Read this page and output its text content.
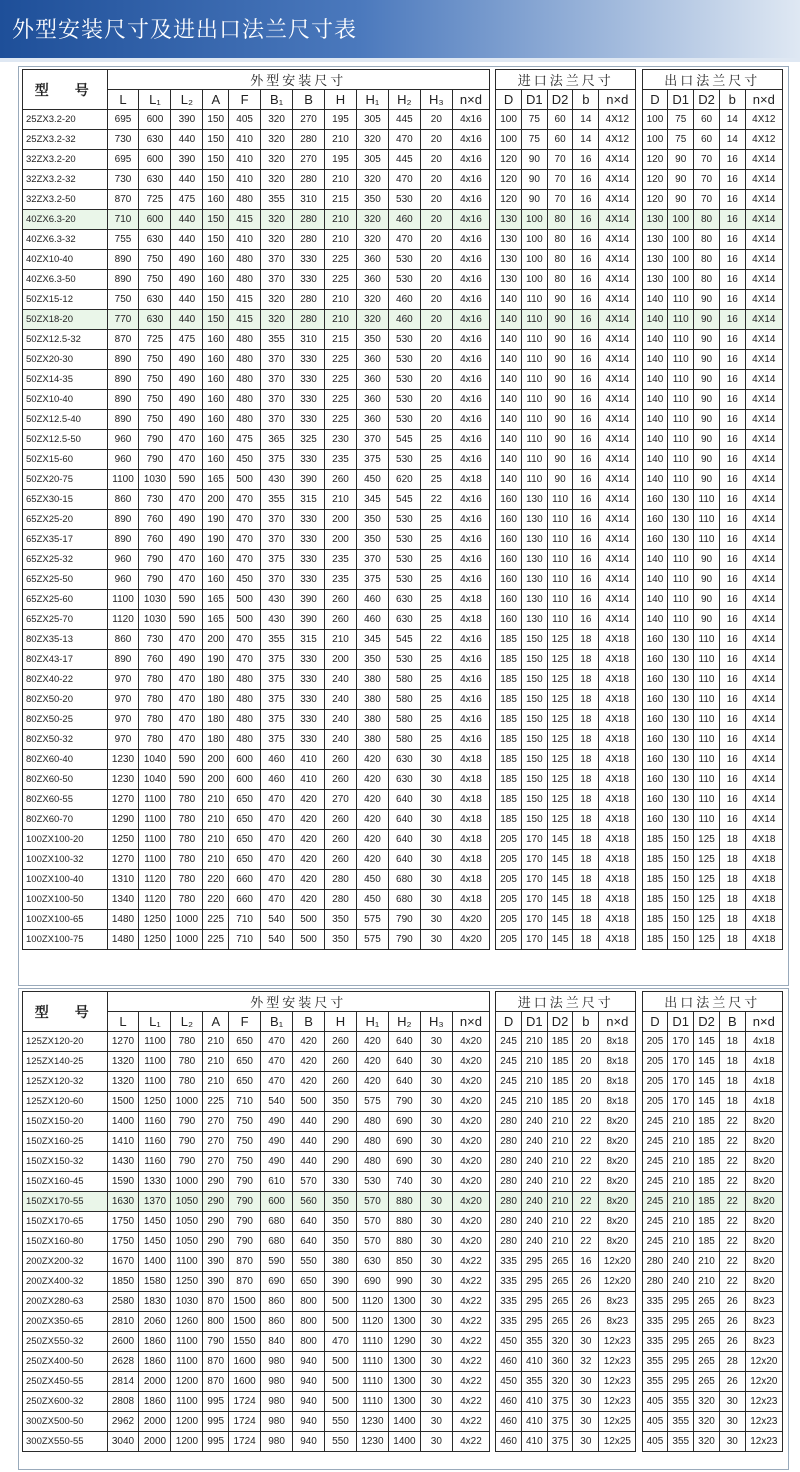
外型安装尺寸及进出口法兰尺寸表
型　号	外型安装尺寸													进口法兰尺寸						出口法兰尺寸				
	L	L₁	L₂	A	F	B₁	B	H	H₁	H₂	H₃	n×d		D	D1	D2	b	n×d		D	D1	D2	b	n×d
25ZX3.2-20	695	600	390	150	405	320	270	195	305	445	20	4x16		100	75	60	14	4X12		100	75	60	14	4X12
25ZX3.2-32	730	630	440	150	410	320	280	210	320	470	20	4x16		100	75	60	14	4X12		100	75	60	14	4X12
32ZX3.2-20	695	600	390	150	410	320	270	195	305	445	20	4x16		120	90	70	16	4X14		120	90	70	16	4X14
32ZX3.2-32	730	630	440	150	410	320	280	210	320	470	20	4x16		120	90	70	16	4X14		120	90	70	16	4X14
32ZX3.2-50	870	725	475	160	480	355	310	215	350	530	20	4x16		120	90	70	16	4X14		120	90	70	16	4X14
40ZX6.3-20	710	600	440	150	415	320	280	210	320	460	20	4x16		130	100	80	16	4X14		130	100	80	16	4X14
40ZX6.3-32	755	630	440	150	410	320	280	210	320	470	20	4x16		130	100	80	16	4X14		130	100	80	16	4X14
40ZX10-40	890	750	490	160	480	370	330	225	360	530	20	4x16		130	100	80	16	4X14		130	100	80	16	4X14
40ZX6.3-50	890	750	490	160	480	370	330	225	360	530	20	4x16		130	100	80	16	4X14		130	100	80	16	4X14
50ZX15-12	750	630	440	150	415	320	280	210	320	460	20	4x16		140	110	90	16	4X14		140	110	90	16	4X14
50ZX18-20	770	630	440	150	415	320	280	210	320	460	20	4x16		140	110	90	16	4X14		140	110	90	16	4X14
50ZX12.5-32	870	725	475	160	480	355	310	215	350	530	20	4x16		140	110	90	16	4X14		140	110	90	16	4X14
50ZX20-30	890	750	490	160	480	370	330	225	360	530	20	4x16		140	110	90	16	4X14		140	110	90	16	4X14
50ZX14-35	890	750	490	160	480	370	330	225	360	530	20	4x16		140	110	90	16	4X14		140	110	90	16	4X14
50ZX10-40	890	750	490	160	480	370	330	225	360	530	20	4x16		140	110	90	16	4X14		140	110	90	16	4X14
50ZX12.5-40	890	750	490	160	480	370	330	225	360	530	20	4x16		140	110	90	16	4X14		140	110	90	16	4X14
50ZX12.5-50	960	790	470	160	475	365	325	230	370	545	25	4x16		140	110	90	16	4X14		140	110	90	16	4X14
50ZX15-60	960	790	470	160	450	375	330	235	375	530	25	4x16		140	110	90	16	4X14		140	110	90	16	4X14
50ZX20-75	1100	1030	590	165	500	430	390	260	450	620	25	4x18		140	110	90	16	4X14		140	110	90	16	4X14
65ZX30-15	860	730	470	200	470	355	315	210	345	545	22	4x16		160	130	110	16	4X14		160	130	110	16	4X14
65ZX25-20	890	760	490	190	470	370	330	200	350	530	25	4x16		160	130	110	16	4X14		160	130	110	16	4X14
65ZX35-17	890	760	490	190	470	370	330	200	350	530	25	4x16		160	130	110	16	4X14		160	130	110	16	4X14
65ZX25-32	960	790	470	160	470	375	330	235	370	530	25	4x16		160	130	110	16	4X14		140	110	90	16	4X14
65ZX25-50	960	790	470	160	450	370	330	235	375	530	25	4x16		160	130	110	16	4X14		140	110	90	16	4X14
65ZX25-60	1100	1030	590	165	500	430	390	260	460	630	25	4x18		160	130	110	16	4X14		140	110	90	16	4X14
65ZX25-70	1120	1030	590	165	500	430	390	260	460	630	25	4x18		160	130	110	16	4X14		140	110	90	16	4X14
80ZX35-13	860	730	470	200	470	355	315	210	345	545	22	4x16		185	150	125	18	4X18		160	130	110	16	4X14
80ZX43-17	890	760	490	190	470	375	330	200	350	530	25	4x16		185	150	125	18	4X18		160	130	110	16	4X14
80ZX40-22	970	780	470	180	480	375	330	240	380	580	25	4x16		185	150	125	18	4X18		160	130	110	16	4X14
80ZX50-20	970	780	470	180	480	375	330	240	380	580	25	4x16		185	150	125	18	4X18		160	130	110	16	4X14
80ZX50-25	970	780	470	180	480	375	330	240	380	580	25	4x16		185	150	125	18	4X18		160	130	110	16	4X14
80ZX50-32	970	780	470	180	480	375	330	240	380	580	25	4x16		185	150	125	18	4X18		160	130	110	16	4X14
80ZX60-40	1230	1040	590	200	600	460	410	260	420	630	30	4x18		185	150	125	18	4X18		160	130	110	16	4X14
80ZX60-50	1230	1040	590	200	600	460	410	260	420	630	30	4x18		185	150	125	18	4X18		160	130	110	16	4X14
80ZX60-55	1270	1100	780	210	650	470	420	270	420	640	30	4x18		185	150	125	18	4X18		160	130	110	16	4X14
80ZX60-70	1290	1100	780	210	650	470	420	260	420	640	30	4x18		185	150	125	18	4X18		160	130	110	16	4X14
100ZX100-20	1250	1100	780	210	650	470	420	260	420	640	30	4x18		205	170	145	18	4X18		185	150	125	18	4X18
100ZX100-32	1270	1100	780	210	650	470	420	260	420	640	30	4x18		205	170	145	18	4X18		185	150	125	18	4X18
100ZX100-40	1310	1120	780	220	660	470	420	280	450	680	30	4x18		205	170	145	18	4X18		185	150	125	18	4X18
100ZX100-50	1340	1120	780	220	660	470	420	280	450	680	30	4x18		205	170	145	18	4X18		185	150	125	18	4X18
100ZX100-65	1480	1250	1000	225	710	540	500	350	575	790	30	4x20		205	170	145	18	4X18		185	150	125	18	4X18
100ZX100-75	1480	1250	1000	225	710	540	500	350	575	790	30	4x20		205	170	145	18	4X18		185	150	125	18	4X18
型　号	外型安装尺寸													进口法兰尺寸						出口法兰尺寸				
	L	L₁	L₂	A	F	B₁	B	H	H₁	H₂	H₃	n×d		D	D1	D2	b	n×d		D	D1	D2	B	n×d
125ZX120-20	1270	1100	780	210	650	470	420	260	420	640	30	4x20		245	210	185	20	8x18		205	170	145	18	4x18
125ZX140-25	1320	1100	780	210	650	470	420	260	420	640	30	4x20		245	210	185	20	8x18		205	170	145	18	4x18
125ZX120-32	1320	1100	780	210	650	470	420	260	420	640	30	4x20		245	210	185	20	8x18		205	170	145	18	4x18
125ZX120-60	1500	1250	1000	225	710	540	500	350	575	790	30	4x20		245	210	185	20	8x18		205	170	145	18	4x18
150ZX150-20	1400	1160	790	270	750	490	440	290	480	690	30	4x20		280	240	210	22	8x20		245	210	185	22	8x20
150ZX160-25	1410	1160	790	270	750	490	440	290	480	690	30	4x20		280	240	210	22	8x20		245	210	185	22	8x20
150ZX150-32	1430	1160	790	270	750	490	440	290	480	690	30	4x20		280	240	210	22	8x20		245	210	185	22	8x20
150ZX160-45	1590	1330	1000	290	790	610	570	330	530	740	30	4x20		280	240	210	22	8x20		245	210	185	22	8x20
150ZX170-55	1630	1370	1050	290	790	600	560	350	570	880	30	4x20		280	240	210	22	8x20		245	210	185	22	8x20
150ZX170-65	1750	1450	1050	290	790	680	640	350	570	880	30	4x20		280	240	210	22	8x20		245	210	185	22	8x20
150ZX160-80	1750	1450	1050	290	790	680	640	350	570	880	30	4x20		280	240	210	22	8x20		245	210	185	22	8x20
200ZX200-32	1670	1400	1100	390	870	590	550	380	630	850	30	4x22		335	295	265	16	12x20		280	240	210	22	8x20
200ZX400-32	1850	1580	1250	390	870	690	650	390	690	990	30	4x22		335	295	265	26	12x20		280	240	210	22	8x20
200ZX280-63	2580	1830	1030	870	1500	860	800	500	1120	1300	30	4x22		335	295	265	26	8x23		335	295	265	26	8x23
200ZX350-65	2810	2060	1260	800	1500	860	800	500	1120	1300	30	4x22		335	295	265	26	8x23		335	295	265	26	8x23
250ZX550-32	2600	1860	1100	790	1550	840	800	470	1110	1290	30	4x22		450	355	320	30	12x23		335	295	265	26	8x23
250ZX400-50	2628	1860	1100	870	1600	980	940	500	1110	1300	30	4x22		460	410	360	32	12x23		355	295	265	28	12x20
250ZX450-55	2814	2000	1200	870	1600	980	940	500	1110	1300	30	4x22		450	355	320	30	12x23		355	295	265	26	12x20
250ZX600-32	2808	1860	1100	995	1724	980	940	500	1110	1300	30	4x22		460	410	375	30	12x23		405	355	320	30	12x23
300ZX500-50	2962	2000	1200	995	1724	980	940	550	1230	1400	30	4x22		460	410	375	30	12x25		405	355	320	30	12x23
300ZX550-55	3040	2000	1200	995	1724	980	940	550	1230	1400	30	4x22		460	410	375	30	12x25		405	355	320	30	12x23
